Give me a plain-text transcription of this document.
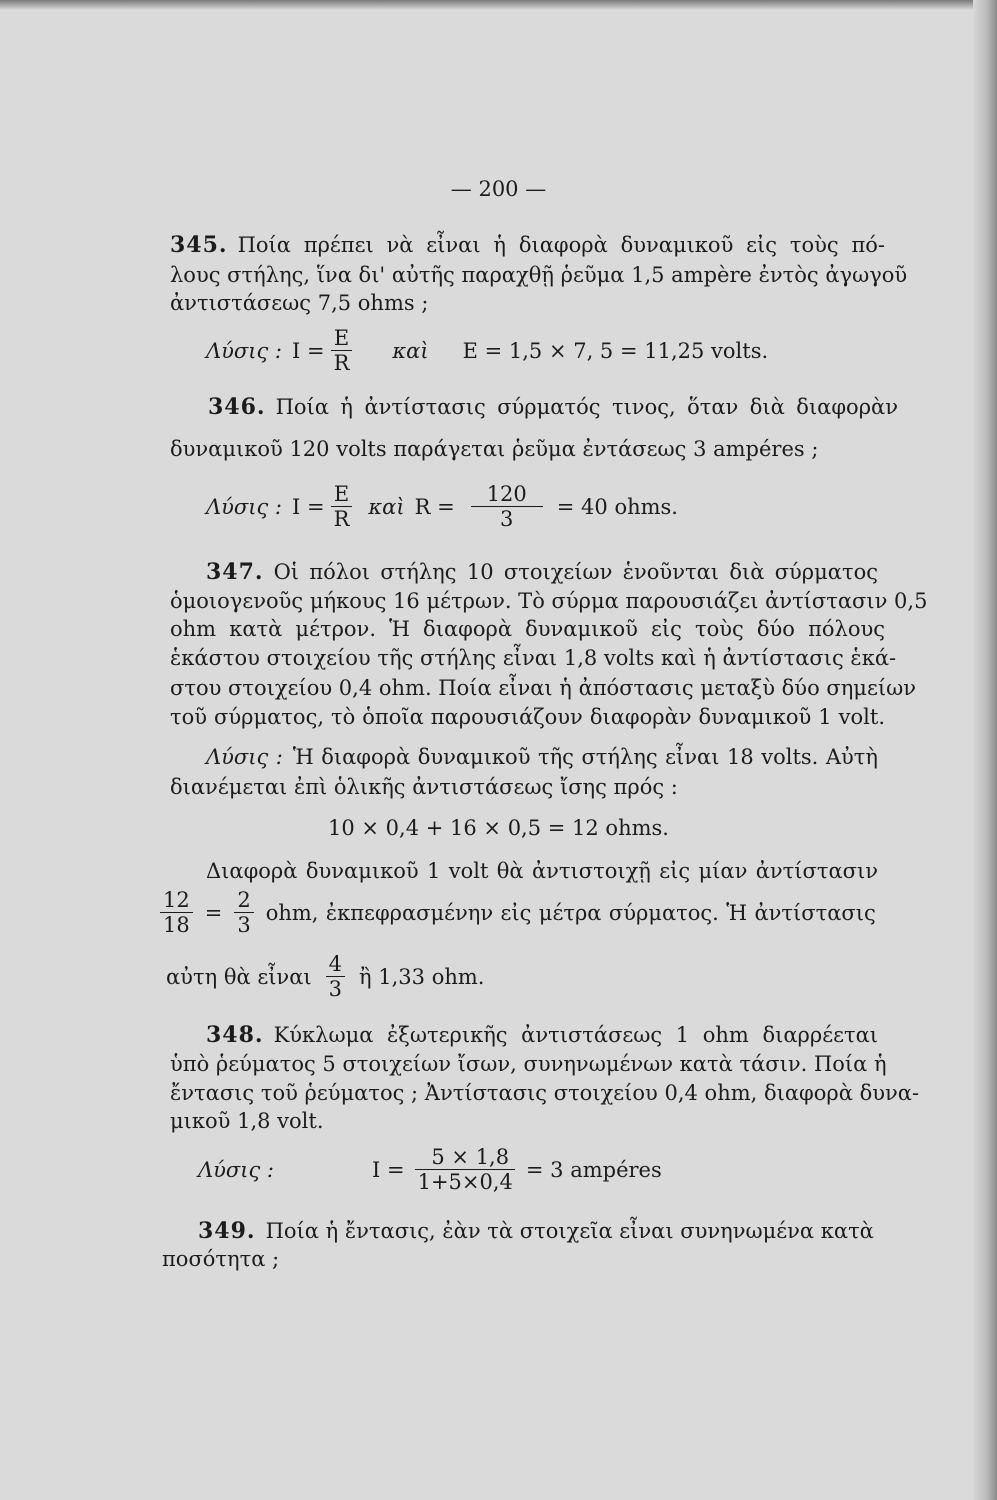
— 200 —
345. Ποία πρέπει νὰ εἶναι ἡ διαφορὰ δυναμικοῦ εἰς τοὺς πό-
λους στήλης, ἵνα δι' αὐτῆς παραχθῇ ῥεῦμα 1,5 ampère ἐντὸς ἀγωγοῦ
ἀντιστάσεως 7,5 ohms ;
Λύσις : $I = \frac{E}{R}$ καὶ E = 1,5 × 7, 5 = 11,25 volts.
346. Ποία ἡ ἀντίστασις σύρματός τινος, ὅταν διὰ διαφορὰν
δυναμικοῦ 120 volts παράγεται ῥεῦμα ἐντάσεως 3 ampéres ;
Λύσις : $I = \frac{E}{R}$ καὶ $R = \frac{120}{3} = 40$ ohms.
347. Οἱ πόλοι στήλης 10 στοιχείων ἑνοῦνται διὰ σύρματος
ὁμοιογενοῦς μήκους 16 μέτρων. Τὸ σύρμα παρουσιάζει ἀντίστασιν 0,5
ohm κατὰ μέτρον. Ἡ διαφορὰ δυναμικοῦ εἰς τοὺς δύο πόλους
ἑκάστου στοιχείου τῆς στήλης εἶναι 1,8 volts καὶ ἡ ἀντίστασις ἑκά-
στου στοιχείου 0,4 ohm. Ποία εἶναι ἡ ἀπόστασις μεταξὺ δύο σημείων
τοῦ σύρματος, τὸ ὁποῖα παρουσιάζουν διαφορὰν δυναμικοῦ 1 volt.
Λύσις : Ἡ διαφορὰ δυναμικοῦ τῆς στήλης εἶναι 18 volts. Αὐτὴ
διανέμεται ἐπὶ ὁλικῆς ἀντιστάσεως ἴσης πρός :
10 × 0,4 + 16 × 0,5 = 12 ohms.
Διαφορὰ δυναμικοῦ 1 volt θὰ ἀντιστοιχῇ εἰς μίαν ἀντίστασιν
$\frac{12}{18} = \frac{2}{3}$ ohm, ἐκπεφρασμένην εἰς μέτρα σύρματος. Ἡ ἀντίστασις
αὐτη θὰ εἶναι $\frac{4}{3}$ ἢ 1,33 ohm.
348. Κύκλωμα ἐξωτερικῆς ἀντιστάσεως 1 ohm διαρρέεται
ὑπὸ ῥεύματος 5 στοιχείων ἴσων, συνηνωμένων κατὰ τάσιν. Ποία ἡ
ἔντασις τοῦ ῥεύματος ; Ἀντίστασις στοιχείου 0,4 ohm, διαφορὰ δυνα-
μικοῦ 1,8 volt.
Λύσις :	$I = \frac{5 \times 1,8}{1+5\times 0,4} = 3$ ampéres
349. Ποία ἡ ἔντασις, ἐὰν τὰ στοιχεῖα εἶναι συνηνωμένα κατὰ
ποσότητα ;
